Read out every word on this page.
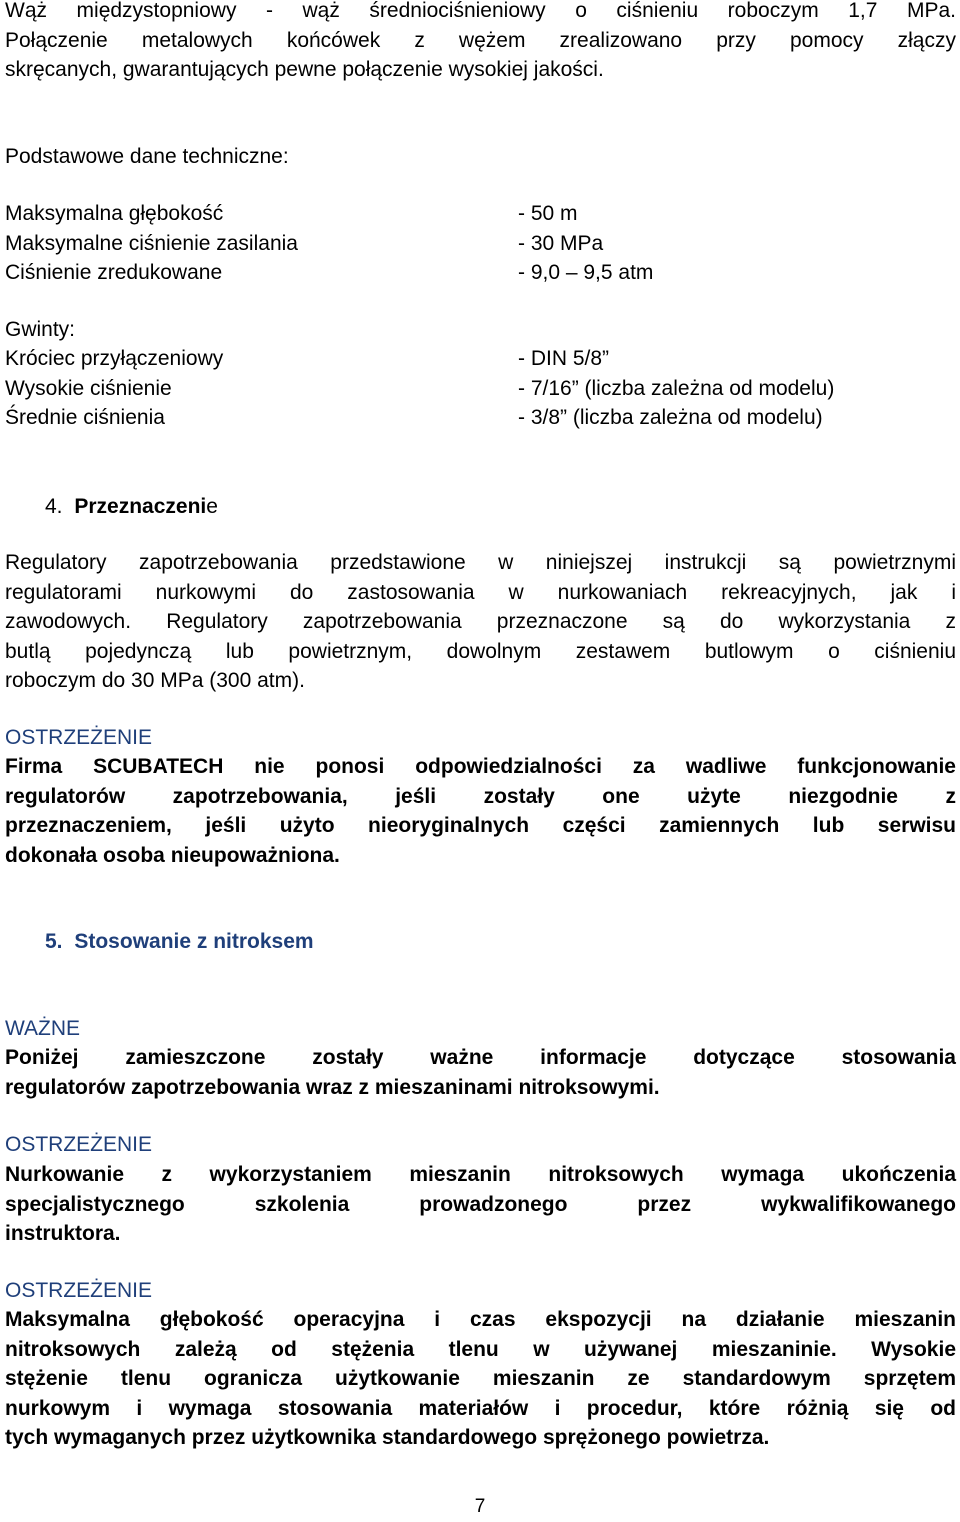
Wąż międzystopniowy - wąż średniociśnieniowy o ciśnieniu roboczym 1,7 MPa.

Połączenie metalowych końcówek z wężem zrealizowano przy pomocy złączy

skręcanych, gwarantujących pewne połączenie wysokiej jakości.

Podstawowe dane techniczne:

Maksymalna głębokość	- 50 m
Maksymalne ciśnienie zasilania	- 30 MPa
Ciśnienie zredukowane	- 9,0 – 9,5 atm

Gwinty:

Króciec przyłączeniowy	- DIN 5/8”
Wysokie ciśnienie	- 7/16” (liczba zależna od modelu)
Średnie ciśnienia	- 3/8” (liczba zależna od modelu)

4. Przeznaczenie

Regulatory zapotrzebowania przedstawione w niniejszej instrukcji są powietrznymi

regulatorami nurkowymi do zastosowania w nurkowaniach rekreacyjnych, jak i

zawodowych. Regulatory zapotrzebowania przeznaczone są do wykorzystania z

butlą pojedynczą lub powietrznym, dowolnym zestawem butlowym o ciśnieniu

roboczym do 30 MPa (300 atm).

OSTRZEŻENIE

Firma SCUBATECH nie ponosi odpowiedzialności za wadliwe funkcjonowanie

regulatorów zapotrzebowania, jeśli zostały one użyte niezgodnie z

przeznaczeniem, jeśli użyto nieoryginalnych części zamiennych lub serwisu

dokonała osoba nieupoważniona.

5. Stosowanie z nitroksem

WAŻNE

Poniżej zamieszczone zostały ważne informacje dotyczące stosowania

regulatorów zapotrzebowania wraz z mieszaninami nitroksowymi.

OSTRZEŻENIE

Nurkowanie z wykorzystaniem mieszanin nitroksowych wymaga ukończenia

specjalistycznego szkolenia prowadzonego przez wykwalifikowanego

instruktora.

OSTRZEŻENIE

Maksymalna głębokość operacyjna i czas ekspozycji na działanie mieszanin

nitroksowych zależą od stężenia tlenu w używanej mieszaninie. Wysokie

stężenie tlenu ogranicza użytkowanie mieszanin ze standardowym sprzętem

nurkowym i wymaga stosowania materiałów i procedur, które różnią się od

tych wymaganych przez użytkownika standardowego sprężonego powietrza.

7
